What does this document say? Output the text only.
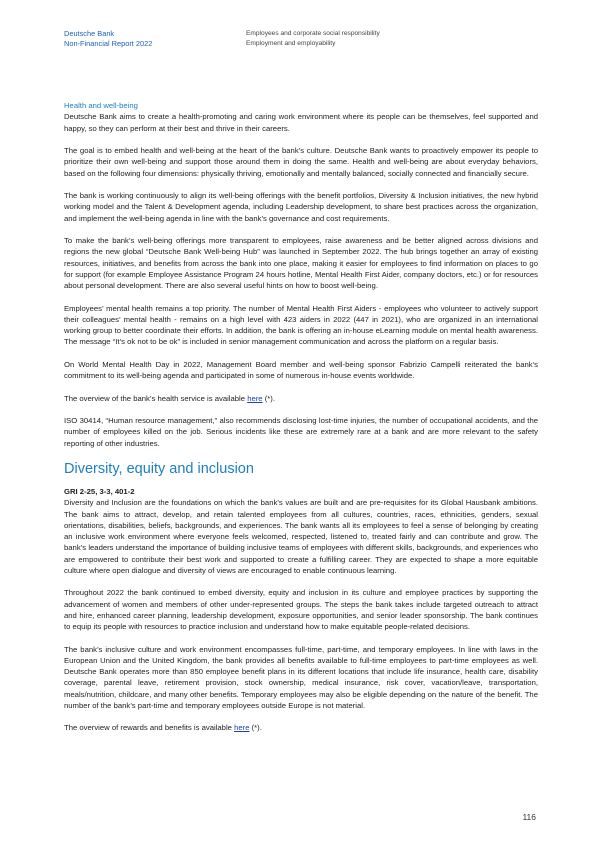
Deutsche Bank
Non-Financial Report 2022
Employees and corporate social responsibility
Employment and employability
Health and well-being

Deutsche Bank aims to create a health-promoting and caring work environment where its people can be themselves, feel supported and happy, so they can perform at their best and thrive in their careers.

The goal is to embed health and well-being at the heart of the bank’s culture. Deutsche Bank wants to proactively empower its people to prioritize their own well-being and support those around them in doing the same. Health and well-being are about everyday behaviors, based on the following four dimensions: physically thriving, emotionally and mentally balanced, socially connected and financially secure.

The bank is working continuously to align its well-being offerings with the benefit portfolios, Diversity & Inclusion initiatives, the new hybrid working model and the Talent & Development agenda, including Leadership development, to share best practices across the organization, and implement the well-being agenda in line with the bank’s governance and cost requirements.

To make the bank’s well-being offerings more transparent to employees, raise awareness and be better aligned across divisions and regions the new global “Deutsche Bank Well-being Hub” was launched in September 2022. The hub brings together an array of existing resources, initiatives, and benefits from across the bank into one place, making it easier for employees to find information on places to go for support (for example Employee Assistance Program 24 hours hotline, Mental Health First Aider, company doctors, etc.) or for resources about personal development. There are also several useful hints on how to boost well-being.

Employees’ mental health remains a top priority. The number of Mental Health First Aiders - employees who volunteer to actively support their colleagues’ mental health - remains on a high level with 423 aiders in 2022 (447 in 2021), who are organized in an international working group to better coordinate their efforts. In addition, the bank is offering an in-house eLearning module on mental health awareness. The message “It’s ok not to be ok” is included in senior management communication and across the platform on a regular basis.

On World Mental Health Day in 2022, Management Board member and well-being sponsor Fabrizio Campelli reiterated the bank’s commitment to its well-being agenda and participated in some of numerous in-house events worldwide.

The overview of the bank’s health service is available here (*).

ISO 30414, “Human resource management,” also recommends disclosing lost-time injuries, the number of occupational accidents, and the number of employees killed on the job. Serious incidents like these are extremely rare at a bank and are more relevant to the safety reporting of other industries.

Diversity, equity and inclusion
GRI 2-25, 3-3, 401-2

Diversity and Inclusion are the foundations on which the bank’s values are built and are pre-requisites for its Global Hausbank ambitions. The bank aims to attract, develop, and retain talented employees from all cultures, countries, races, ethnicities, genders, sexual orientations, disabilities, beliefs, backgrounds, and experiences. The bank wants all its employees to feel a sense of belonging by creating an inclusive work environment where everyone feels welcomed, respected, listened to, treated fairly and can contribute and grow. The bank’s leaders understand the importance of building inclusive teams of employees with different skills, backgrounds, and experiences who are empowered to contribute their best work and supported to create a fulfilling career. They are expected to shape a more equitable culture where open dialogue and diversity of views are encouraged to enable continuous learning.

Throughout 2022 the bank continued to embed diversity, equity and inclusion in its culture and employee practices by supporting the advancement of women and members of other under-represented groups. The steps the bank takes include targeted outreach to attract and hire, enhanced career planning, leadership development, exposure opportunities, and senior leader sponsorship. The bank continues to equip its people with resources to practice inclusion and understand how to make equitable people-related decisions.

The bank’s inclusive culture and work environment encompasses full-time, part-time, and temporary employees. In line with laws in the European Union and the United Kingdom, the bank provides all benefits available to full-time employees to part-time employees as well. Deutsche Bank operates more than 850 employee benefit plans in its different locations that include life insurance, health care, disability coverage, parental leave, retirement provision, stock ownership, medical insurance, risk cover, vacation/leave, transportation, meals/nutrition, childcare, and many other benefits. Temporary employees may also be eligible depending on the nature of the benefit. The number of the bank’s part-time and temporary employees outside Europe is not material.

The overview of rewards and benefits is available here (*).

116
